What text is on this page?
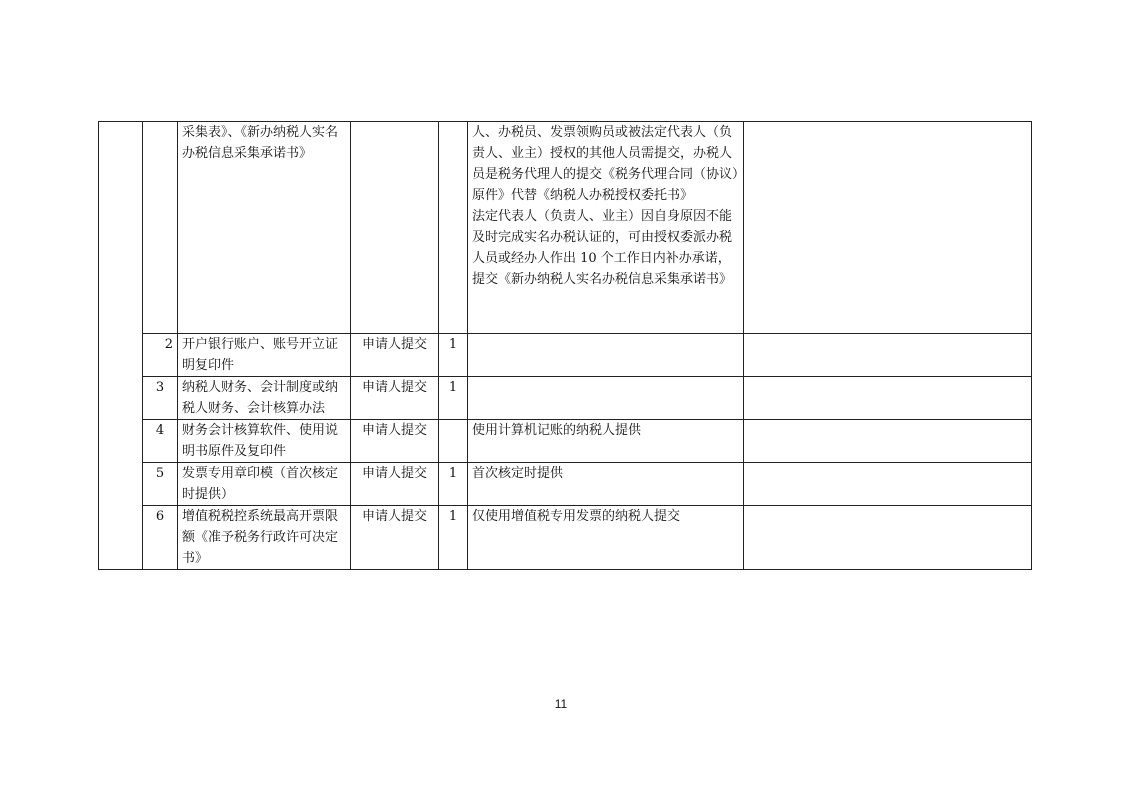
		采集表》、《新办纳税人实名办税信息采集承诺书》			人、办税员、发票领购员或被法定代表人（负责人、业主）授权的其他人员需提交，办税人员是税务代理人的提交《税务代理合同（协议）原件》代替《纳税人办税授权委托书》
法定代表人（负责人、业主）因自身原因不能及时完成实名办税认证的，可由授权委派办税人员或经办人作出 10 个工作日内补办承诺，提交《新办纳税人实名办税信息采集承诺书》	

	2	开户银行账户、账号开立证明复印件	申请人提交	1		
	3	纳税人财务、会计制度或纳税人财务、会计核算办法	申请人提交	1		
	4	财务会计核算软件、使用说明书原件及复印件	申请人提交		使用计算机记账的纳税人提供	
	5	发票专用章印模（首次核定时提供）	申请人提交	1	首次核定时提供	
	6	增值税税控系统最高开票限额《准予税务行政许可决定书》	申请人提交	1	仅使用增值税专用发票的纳税人提交	
11
